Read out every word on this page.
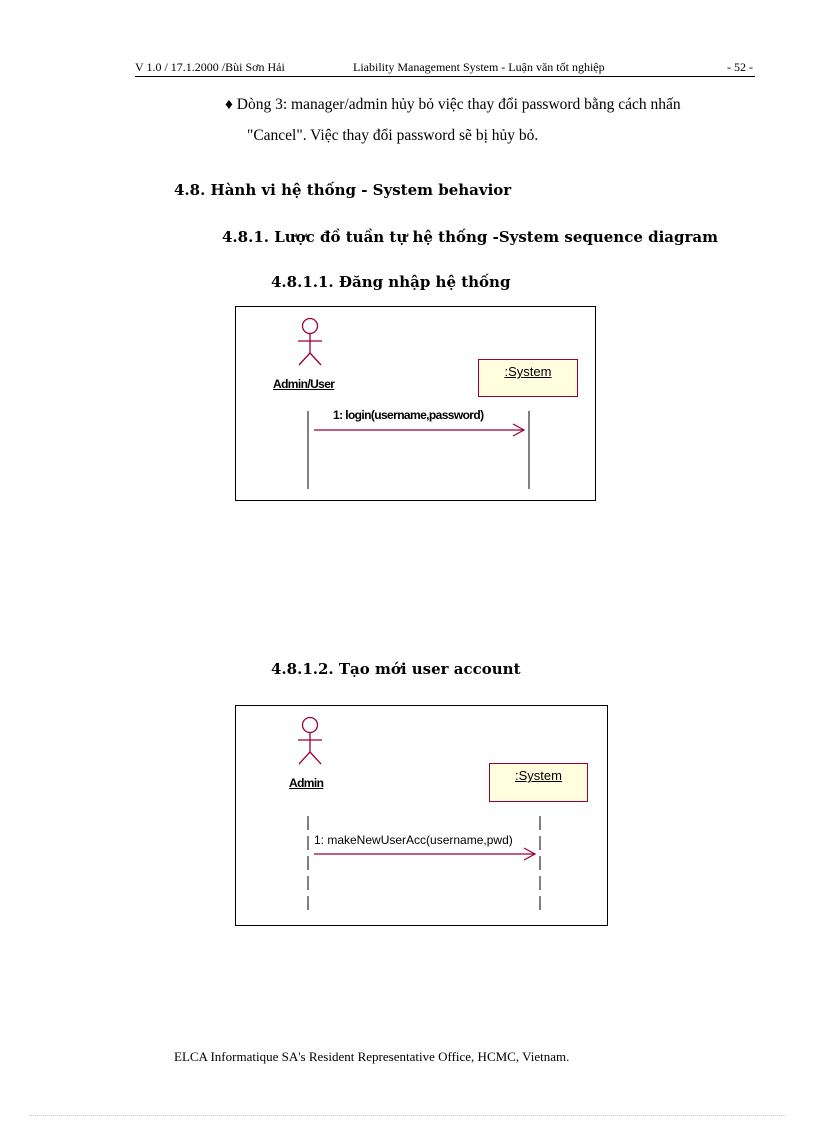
V 1.0 / 17.1.2000 /Bùi Sơn Hải	Liability Management System - Luận văn tốt nghiệp	- 52 -
♦ Dòng 3: manager/admin hủy bỏ việc thay đổi password bằng cách nhấn
"Cancel". Việc thay đổi password sẽ bị hủy bỏ.
4.8. Hành vi hệ thống - System behavior
4.8.1. Lược đồ tuần tự hệ thống -System sequence diagram
4.8.1.1. Đăng nhập hệ thống
Admin/User
:System
1: login(username,password)
4.8.1.2. Tạo mới user account
Admin	:System
1: makeNewUserAcc(username,pwd)
ELCA Informatique SA's Resident Representative Office, HCMC, Vietnam.
